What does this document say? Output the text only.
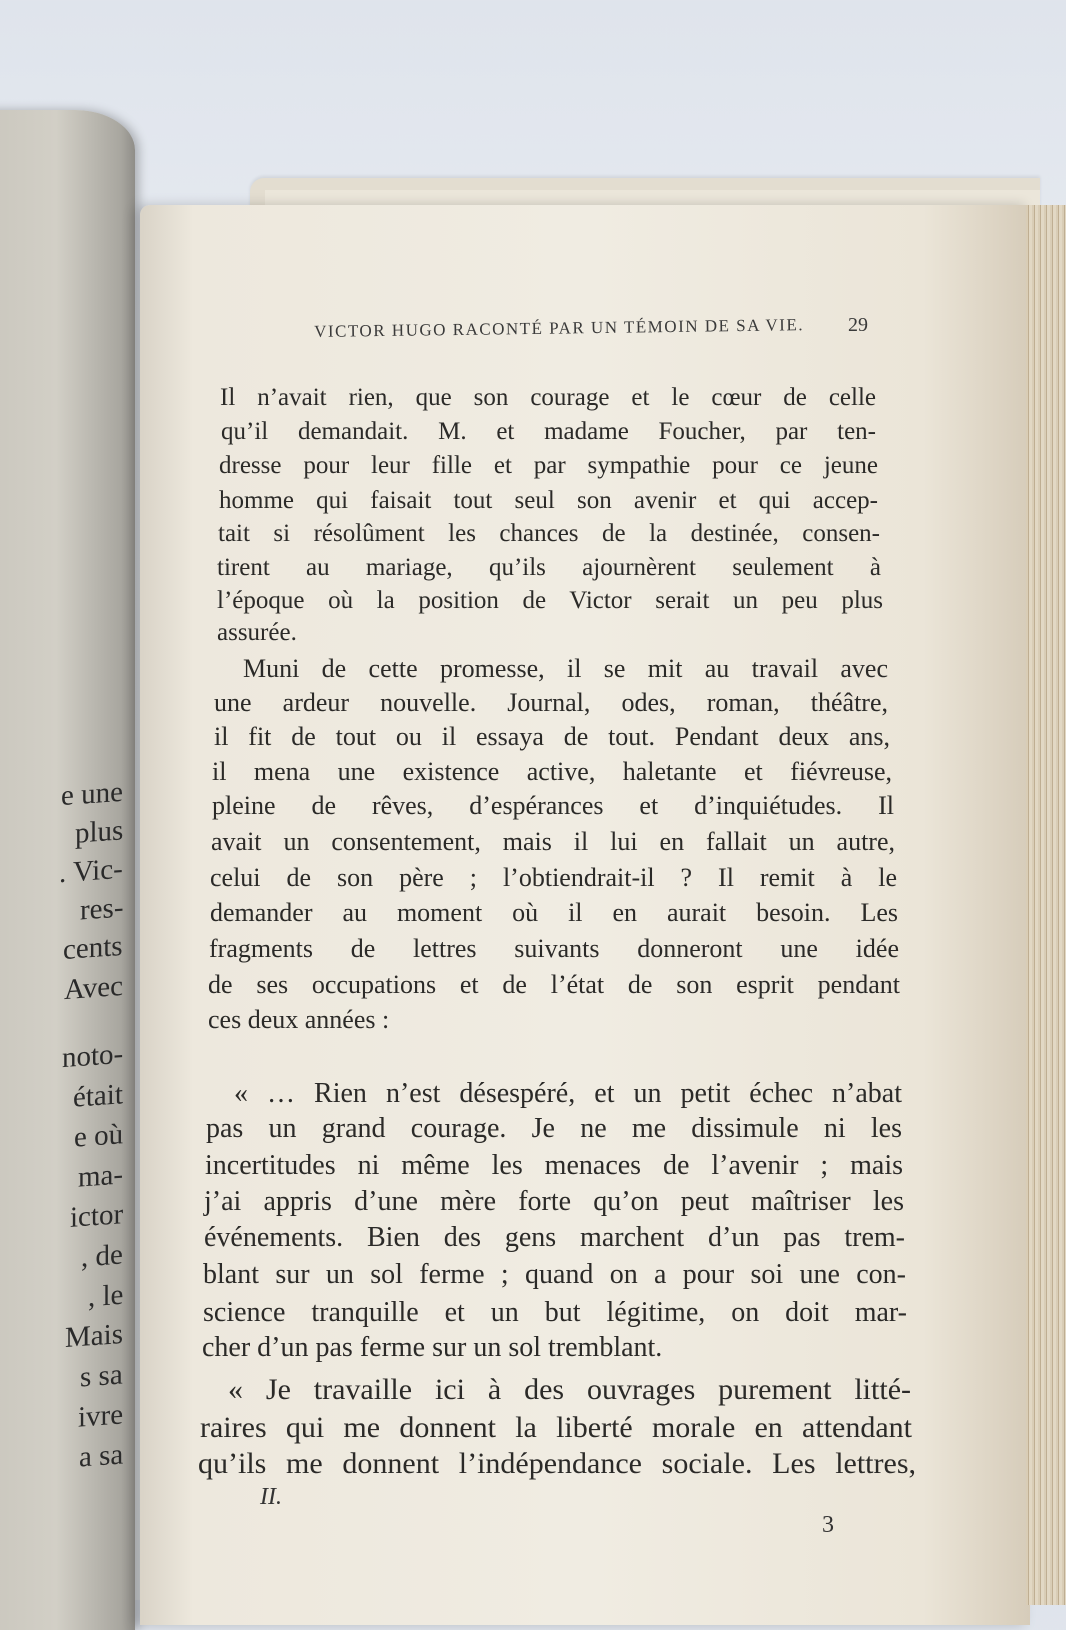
e une
plus
. Vic-
res-
cents
Avec
noto-
était
e où
ma-
ictor
, de
, le
Mais
s sa
ivre
a sa
VICTOR HUGO RACONTÉ PAR UN TÉMOIN DE SA VIE. 29
Il n’avait rien, que son courage et le cœur de celle
qu’il demandait. M. et madame Foucher, par ten-
dresse pour leur fille et par sympathie pour ce jeune
homme qui faisait tout seul son avenir et qui accep-
tait si résolûment les chances de la destinée, consen-
tirent au mariage, qu’ils ajournèrent seulement à
l’époque où la position de Victor serait un peu plus
assurée.
Muni de cette promesse, il se mit au travail avec
une ardeur nouvelle. Journal, odes, roman, théâtre,
il fit de tout ou il essaya de tout. Pendant deux ans,
il mena une existence active, haletante et fiévreuse,
pleine de rêves, d’espérances et d’inquiétudes. Il
avait un consentement, mais il lui en fallait un autre,
celui de son père ; l’obtiendrait-il ? Il remit à le
demander au moment où il en aurait besoin. Les
fragments de lettres suivants donneront une idée
de ses occupations et de l’état de son esprit pendant
ces deux années :
« … Rien n’est désespéré, et un petit échec n’abat
pas un grand courage. Je ne me dissimule ni les
incertitudes ni même les menaces de l’avenir ; mais
j’ai appris d’une mère forte qu’on peut maîtriser les
événements. Bien des gens marchent d’un pas trem-
blant sur un sol ferme ; quand on a pour soi une con-
science tranquille et un but légitime, on doit mar-
cher d’un pas ferme sur un sol tremblant.
« Je travaille ici à des ouvrages purement litté-
raires qui me donnent la liberté morale en attendant
qu’ils me donnent l’indépendance sociale. Les lettres,
II.
3
